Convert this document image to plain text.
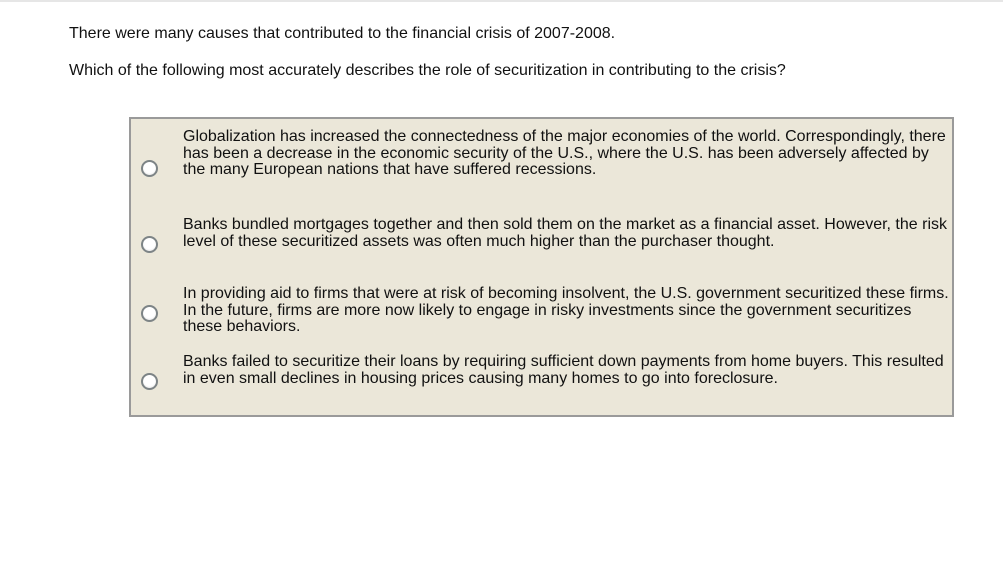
There were many causes that contributed to the financial crisis of 2007-2008.
Which of the following most accurately describes the role of securitization in contributing to the crisis?
Globalization has increased the connectedness of the major economies of the world. Correspondingly, there has been a decrease in the economic security of the U.S., where the U.S. has been adversely affected by the many European nations that have suffered recessions.
Banks bundled mortgages together and then sold them on the market as a financial asset. However, the risk level of these securitized assets was often much higher than the purchaser thought.
In providing aid to firms that were at risk of becoming insolvent, the U.S. government securitized these firms. In the future, firms are more now likely to engage in risky investments since the government securitizes these behaviors.
Banks failed to securitize their loans by requiring sufficient down payments from home buyers. This resulted in even small declines in housing prices causing many homes to go into foreclosure.
